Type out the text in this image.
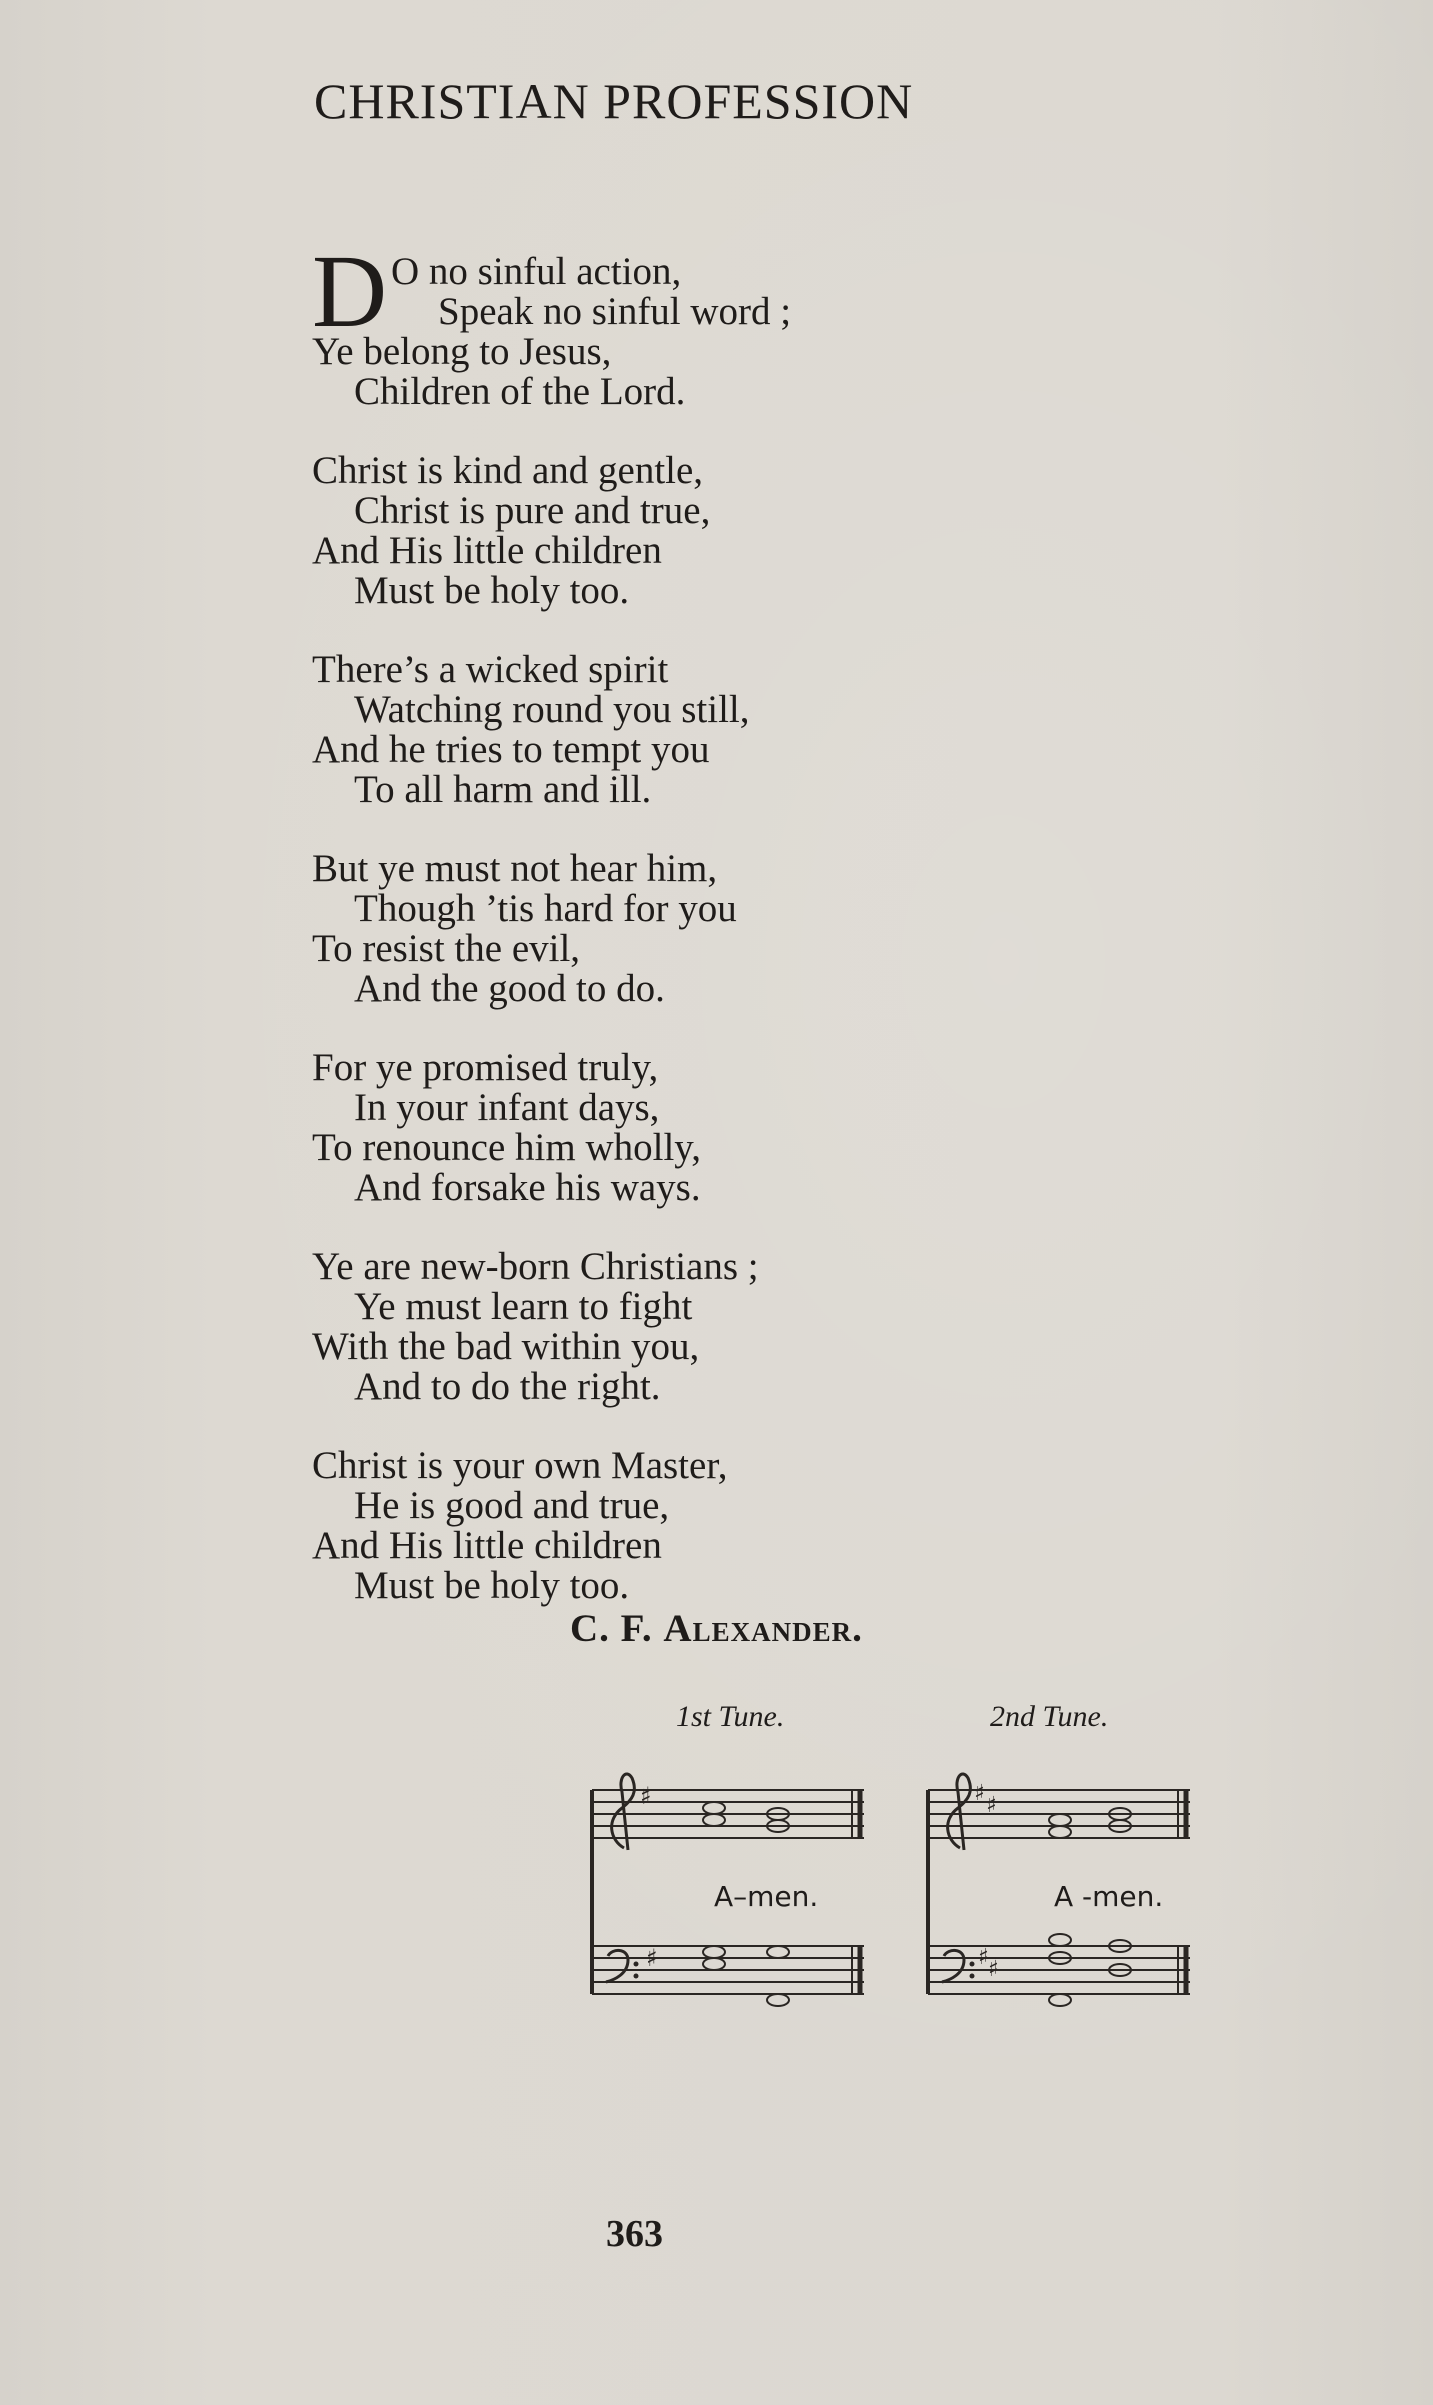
CHRISTIAN PROFESSION
D O no sinful action,
Speak no sinful word ;
Ye belong to Jesus,
Children of the Lord.
Christ is kind and gentle,
Christ is pure and true,
And His little children
Must be holy too.
There’s a wicked spirit
Watching round you still,
And he tries to tempt you
To all harm and ill.
But ye must not hear him,
Though ’tis hard for you
To resist the evil,
And the good to do.
For ye promised truly,
In your infant days,
To renounce him wholly,
And forsake his ways.
Ye are new-born Christians ;
Ye must learn to fight
With the bad within you,
And to do the right.
Christ is your own Master,
He is good and true,
And His little children
Must be holy too.
C. F. Alexander.
1st Tune.	2nd Tune.
♯
♯
A–men.
♯ ♯
♯ ♯
A -men.
363
